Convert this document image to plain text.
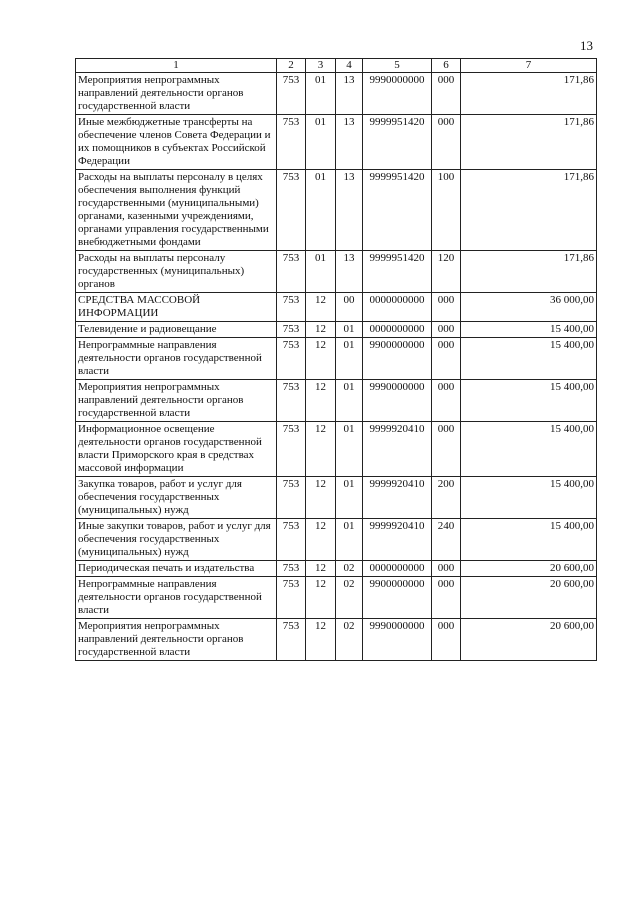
13
1	2	3	4	5	6	7
Мероприятия непрограммных направлений деятельности органов государственной власти	753	01	13	9990000000	000	171,86
Иные межбюджетные трансферты на обеспечение членов Совета Федерации и их помощников в субъектах Российской Федерации	753	01	13	9999951420	000	171,86
Расходы на выплаты персоналу в целях обеспечения выполнения функций государственными (муниципальными) органами, казенными учреждениями, органами управления государственными внебюджетными фондами	753	01	13	9999951420	100	171,86
Расходы на выплаты персоналу государственных (муниципальных) органов	753	01	13	9999951420	120	171,86
СРЕДСТВА МАССОВОЙ ИНФОРМАЦИИ	753	12	00	0000000000	000	36 000,00
Телевидение и радиовещание	753	12	01	0000000000	000	15 400,00
Непрограммные направления деятельности органов государственной власти	753	12	01	9900000000	000	15 400,00
Мероприятия непрограммных направлений деятельности органов государственной власти	753	12	01	9990000000	000	15 400,00
Информационное освещение деятельности органов государственной власти Приморского края в средствах массовой информации	753	12	01	9999920410	000	15 400,00
Закупка товаров, работ и услуг для обеспечения государственных (муниципальных) нужд	753	12	01	9999920410	200	15 400,00
Иные закупки товаров, работ и услуг для обеспечения государственных (муниципальных) нужд	753	12	01	9999920410	240	15 400,00
Периодическая печать и издательства	753	12	02	0000000000	000	20 600,00
Непрограммные направления деятельности органов государственной власти	753	12	02	9900000000	000	20 600,00
Мероприятия непрограммных направлений деятельности органов государственной власти	753	12	02	9990000000	000	20 600,00
